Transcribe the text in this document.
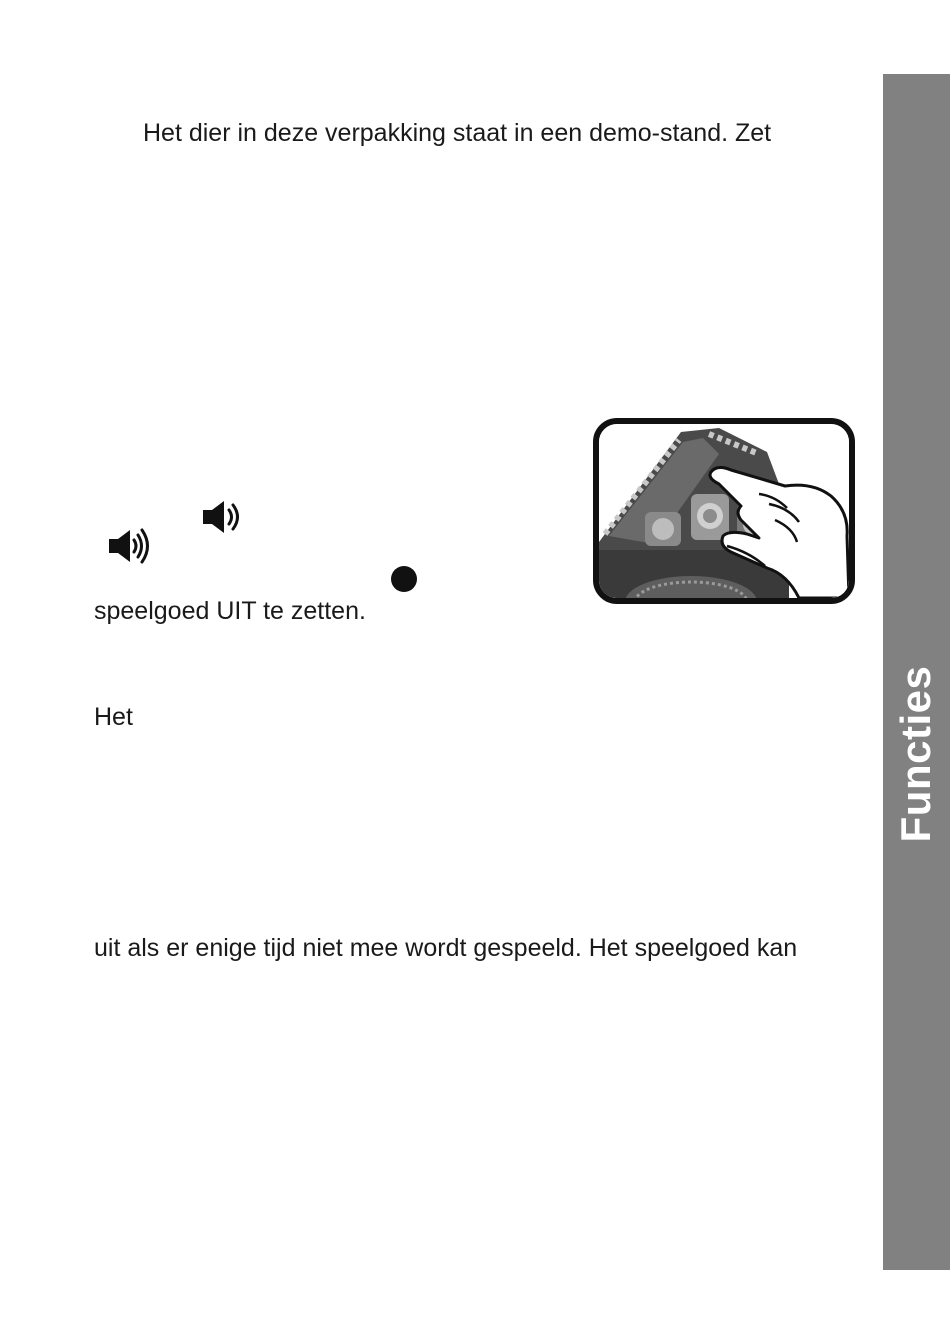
Het dier in deze verpakking staat in een demo-stand. Zet

speelgoed UIT te zetten.

Het

uit als er enige tijd niet mee wordt gespeeld. Het speelgoed kan

Functies
